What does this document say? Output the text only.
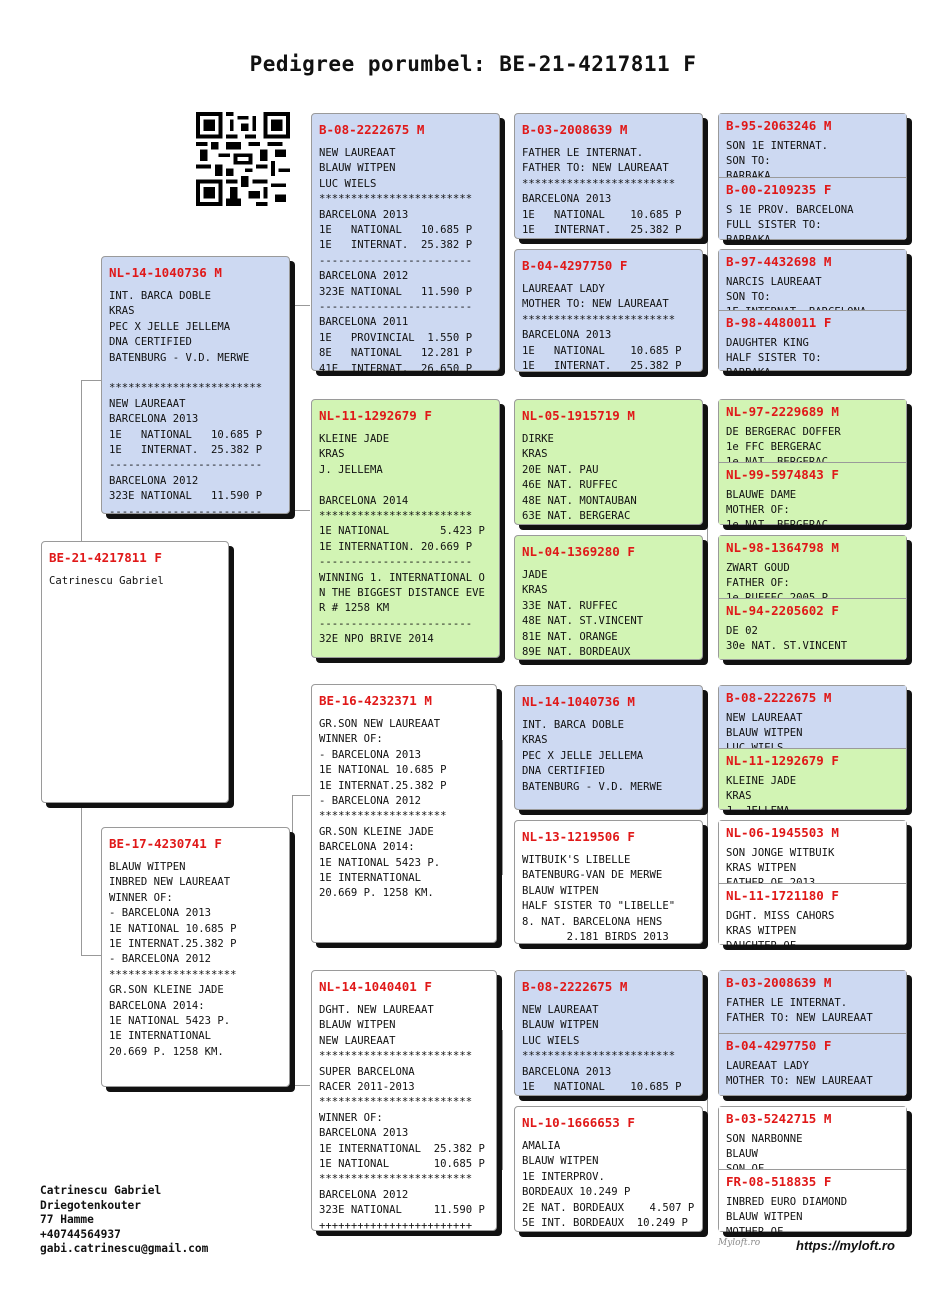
Pedigree porumbel: BE-21-4217811 F
BE-21-4217811 F
Catrinescu Gabriel
NL-14-1040736 M
INT. BARCA DOBLE
KRAS
PEC X JELLE JELLEMA
DNA CERTIFIED
BATENBURG - V.D. MERWE

************************
NEW LAUREAAT
BARCELONA 2013
1E   NATIONAL   10.685 P
1E   INTERNAT.  25.382 P
------------------------
BARCELONA 2012
323E NATIONAL   11.590 P
------------------------
BE-17-4230741 F
BLAUW WITPEN
INBRED NEW LAUREAAT
WINNER OF:
- BARCELONA 2013
1E NATIONAL 10.685 P
1E INTERNAT.25.382 P
- BARCELONA 2012
********************
GR.SON KLEINE JADE
BARCELONA 2014:
1E NATIONAL 5423 P.
1E INTERNATIONAL
20.669 P. 1258 KM.
B-08-2222675 M
NEW LAUREAAT
BLAUW WITPEN
LUC WIELS
************************
BARCELONA 2013
1E   NATIONAL   10.685 P
1E   INTERNAT.  25.382 P
------------------------
BARCELONA 2012
323E NATIONAL   11.590 P
------------------------
BARCELONA 2011
1E   PROVINCIAL  1.550 P
8E   NATIONAL   12.281 P
41E  INTERNAT.  26.650 P
NL-11-1292679 F
KLEINE JADE
KRAS
J. JELLEMA

BARCELONA 2014
************************
1E NATIONAL        5.423 P
1E INTERNATION. 20.669 P
------------------------
WINNING 1. INTERNATIONAL O
N THE BIGGEST DISTANCE EVE
R # 1258 KM
------------------------
32E NPO BRIVE 2014
BE-16-4232371 M
GR.SON NEW LAUREAAT
WINNER OF:
- BARCELONA 2013
1E NATIONAL 10.685 P
1E INTERNAT.25.382 P
- BARCELONA 2012
********************
GR.SON KLEINE JADE
BARCELONA 2014:
1E NATIONAL 5423 P.
1E INTERNATIONAL
20.669 P. 1258 KM.
NL-14-1040401 F
DGHT. NEW LAUREAAT
BLAUW WITPEN
NEW LAUREAAT
************************
SUPER BARCELONA
RACER 2011-2013
************************
WINNER OF:
BARCELONA 2013
1E INTERNATIONAL  25.382 P
1E NATIONAL       10.685 P
************************
BARCELONA 2012
323E NATIONAL     11.590 P
++++++++++++++++++++++++
B-03-2008639 M
FATHER LE INTERNAT.
FATHER TO: NEW LAUREAAT
************************
BARCELONA 2013
1E   NATIONAL    10.685 P
1E   INTERNAT.   25.382 P
B-04-4297750 F
LAUREAAT LADY
MOTHER TO: NEW LAUREAAT
************************
BARCELONA 2013
1E   NATIONAL    10.685 P
1E   INTERNAT.   25.382 P
NL-05-1915719 M
DIRKE
KRAS
20E NAT. PAU
46E NAT. RUFFEC
48E NAT. MONTAUBAN
63E NAT. BERGERAC
NL-04-1369280 F
JADE
KRAS
33E NAT. RUFFEC
48E NAT. ST.VINCENT
81E NAT. ORANGE
89E NAT. BORDEAUX
NL-14-1040736 M
INT. BARCA DOBLE
KRAS
PEC X JELLE JELLEMA
DNA CERTIFIED
BATENBURG - V.D. MERWE
NL-13-1219506 F
WITBUIK'S LIBELLE
BATENBURG-VAN DE MERWE
BLAUW WITPEN
HALF SISTER TO "LIBELLE"
8. NAT. BARCELONA HENS
2.181 BIRDS 2013
B-08-2222675 M
NEW LAUREAAT
BLAUW WITPEN
LUC WIELS
************************
BARCELONA 2013
1E   NATIONAL    10.685 P
NL-10-1666653 F
AMALIA
BLAUW WITPEN
1E INTERPROV.
BORDEAUX 10.249 P
2E NAT. BORDEAUX    4.507 P
5E INT. BORDEAUX  10.249 P
B-95-2063246 M
SON 1E INTERNAT.
SON TO:

B-00-2109235 F
S 1E PROV. BARCELONA
FULL SISTER TO:
BARBAKA
B-97-4432698 M
NARCIS LAUREAAT
SON TO:

B-98-4480011 F
DAUGHTER KING
HALF SISTER TO:
BARBAKA
NL-97-2229689 M
DE BERGERAC DOFFER
1e FFC BERGERAC

NL-99-5974843 F
BLAUWE DAME
MOTHER OF:
1e NAT. BERGERAC
NL-98-1364798 M
ZWART GOUD
FATHER OF:

NL-94-2205602 F
DE 02
30e NAT. ST.VINCENT
B-08-2222675 M
NEW LAUREAAT
BLAUW WITPEN

NL-11-1292679 F
KLEINE JADE
KRAS
J. JELLEMA
NL-06-1945503 M
SON JONGE WITBUIK
KRAS WITPEN

NL-11-1721180 F
DGHT. MISS CAHORS
KRAS WITPEN
DAUGHTER OF
B-03-2008639 M
FATHER LE INTERNAT.
FATHER TO: NEW LAUREAAT
B-04-4297750 F
LAUREAAT LADY
MOTHER TO: NEW LAUREAAT
B-03-5242715 M
SON NARBONNE
BLAUW

FR-08-518835 F
INBRED EURO DIAMOND
BLAUW WITPEN
MOTHER OF
Catrinescu Gabriel
Driegotenkouter
77 Hamme
+40744564937
gabi.catrinescu@gmail.com	Myloft.ro	https://myloft.ro
